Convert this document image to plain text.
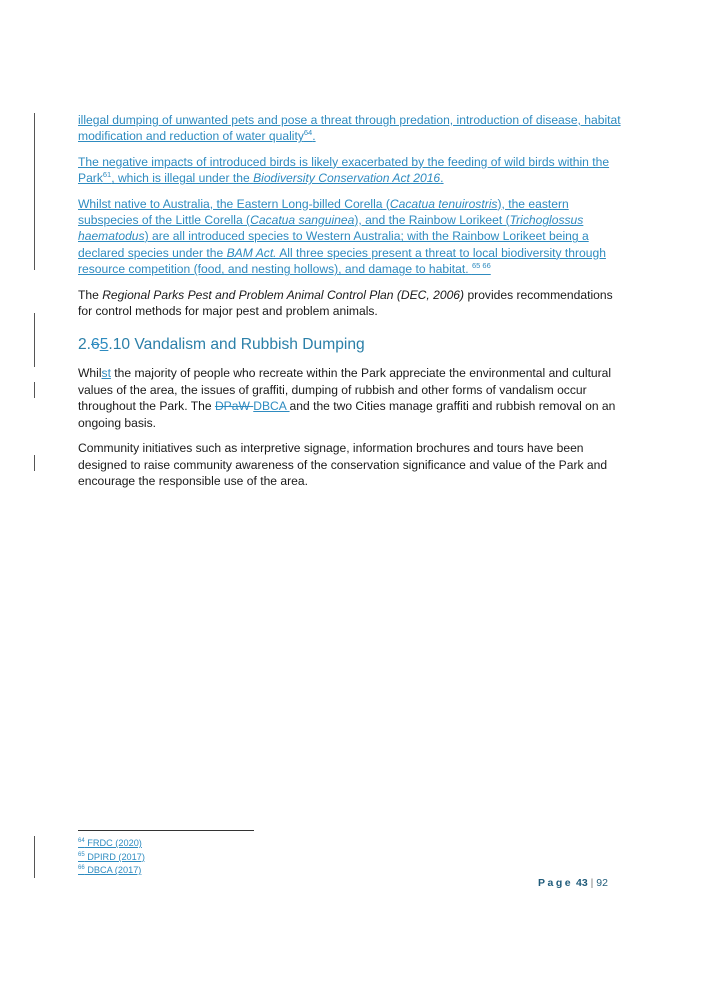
illegal dumping of unwanted pets and pose a threat through predation, introduction of disease, habitat modification and reduction of water quality$^{64}$.

The negative impacts of introduced birds is likely exacerbated by the feeding of wild birds within the Park$^{61}$, which is illegal under the Biodiversity Conservation Act 2016.

Whilst native to Australia, the Eastern Long-billed Corella (Cacatua tenuirostris), the eastern subspecies of the Little Corella (Cacatua sanguinea), and the Rainbow Lorikeet (Trichoglossus haematodus) are all introduced species to Western Australia; with the Rainbow Lorikeet being a declared species under the BAM Act. All three species present a threat to local biodiversity through resource competition (food, and nesting hollows), and damage to habitat. $^{65 66}$

The Regional Parks Pest and Problem Animal Control Plan (DEC, 2006) provides recommendations for control methods for major pest and problem animals.

2.65.10 Vandalism and Rubbish Dumping

Whilst the majority of people who recreate within the Park appreciate the environmental and cultural values of the area, the issues of graffiti, dumping of rubbish and other forms of vandalism occur throughout the Park. The DPaW DBCA and the two Cities manage graffiti and rubbish removal on an ongoing basis.

Community initiatives such as interpretive signage, information brochures and tours have been designed to raise community awareness of the conservation significance and value of the Park and encourage the responsible use of the area.

$^{64}$ FRDC (2020)
$^{65}$ DPIRD (2017)
$^{66}$ DBCA (2017)
Page 43 | 92
